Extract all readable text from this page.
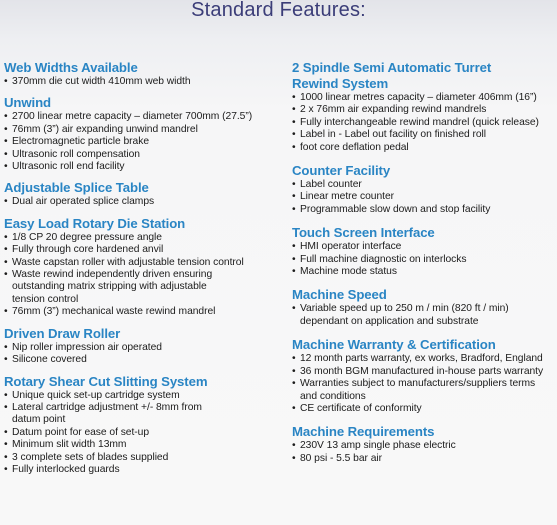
Standard Features:
Web Widths Available
• 370mm die cut width 410mm web width
Unwind
• 2700 linear metre capacity – diameter 700mm (27.5”)
• 76mm (3”) air expanding unwind mandrel
• Electromagnetic particle brake
• Ultrasonic roll compensation
• Ultrasonic roll end facility
Adjustable Splice Table
• Dual air operated splice clamps
Easy Load Rotary Die Station
• 1/8 CP 20 degree pressure angle
• Fully through core hardened anvil
• Waste capstan roller with adjustable tension control
• Waste rewind independently driven ensuring outstanding matrix stripping with adjustable tension control
• 76mm (3”) mechanical waste rewind mandrel
Driven Draw Roller
• Nip roller impression air operated
• Silicone covered
Rotary Shear Cut Slitting System
• Unique quick set-up cartridge system
• Lateral cartridge adjustment +/- 8mm from datum point
• Datum point for ease of set-up
• Minimum slit width 13mm
• 3 complete sets of blades supplied
• Fully interlocked guards
2 Spindle Semi Automatic Turret Rewind System
• 1000 linear metres capacity – diameter 406mm (16”)
• 2 x 76mm air expanding rewind mandrels
• Fully interchangeable rewind mandrel (quick release)
• Label in - Label out facility on finished roll
• foot core deflation pedal
Counter Facility
• Label counter
• Linear metre counter
• Programmable slow down and stop facility
Touch Screen Interface
• HMI operator interface
• Full machine diagnostic on interlocks
• Machine mode status
Machine Speed
• Variable speed up to 250 m / min (820 ft / min) dependant on application and substrate
Machine Warranty & Certification
• 12 month parts warranty, ex works, Bradford, England
• 36 month BGM manufactured in-house parts warranty
• Warranties subject to manufacturers/suppliers terms and conditions
• CE certificate of conformity
Machine Requirements
• 230V 13 amp single phase electric
• 80 psi - 5.5 bar air
